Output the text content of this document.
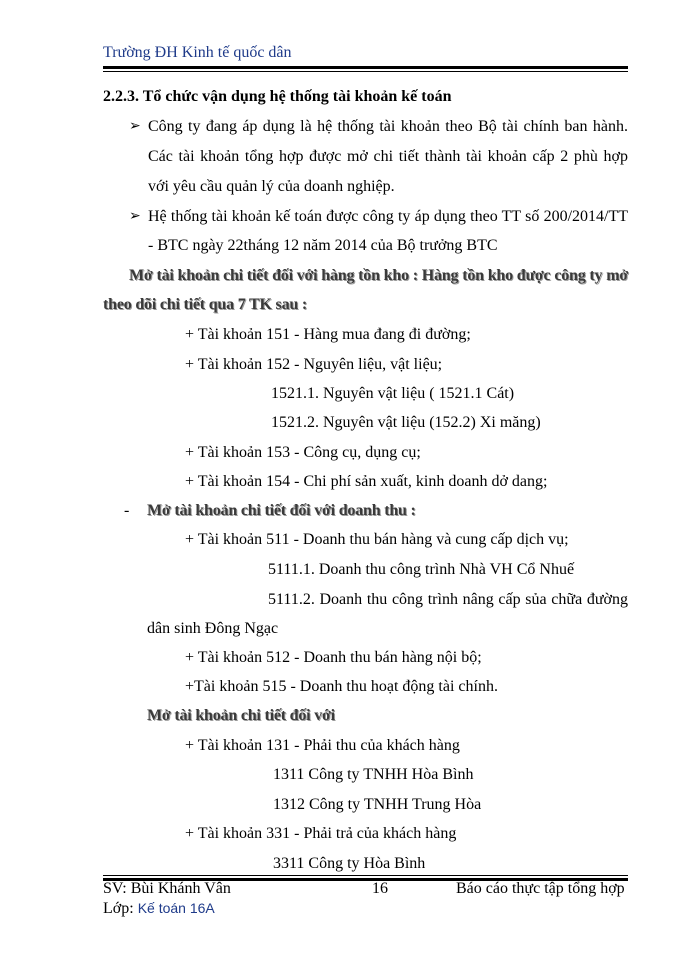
Trường ĐH Kinh tế quốc dân
2.2.3. Tổ chức vận dụng hệ thống tài khoản kế toán
➢ Công ty đang áp dụng là hệ thống tài khoản theo Bộ tài chính ban hành.
Các tài khoản tổng hợp được mở chi tiết thành tài khoản cấp 2 phù hợp
với yêu cầu quản lý của doanh nghiệp.
➢ Hệ thống tài khoản kế toán được công ty áp dụng theo TT số 200/2014/TT
- BTC ngày 22tháng 12 năm 2014 của Bộ trưởng BTC
Mở tài khoản chi tiết đối với hàng tồn kho : Hàng tồn kho được công ty mở
theo dõi chi tiết qua 7 TK sau :
+ Tài khoản 151 - Hàng mua đang đi đường;
+ Tài khoản 152 - Nguyên liệu, vật liệu;
1521.1. Nguyên vật liệu ( 1521.1 Cát)
1521.2. Nguyên vật liệu (152.2) Xi măng)
+ Tài khoản 153 - Công cụ, dụng cụ;
+ Tài khoản 154 - Chi phí sản xuất, kinh doanh dở dang;
- Mở tài khoản chi tiết đối với doanh thu :
+ Tài khoản 511 - Doanh thu bán hàng và cung cấp dịch vụ;
5111.1. Doanh thu công trình Nhà VH Cổ Nhuế
5111.2. Doanh thu công trình nâng cấp sủa chữa đường
dân sinh Đông Ngạc
+ Tài khoản 512 - Doanh thu bán hàng nội bộ;
+Tài khoản 515 - Doanh thu hoạt động tài chính.
Mở tài khoản chi tiết đối với
+ Tài khoản 131 - Phải thu của khách hàng
1311 Công ty TNHH Hòa Bình
1312 Công ty TNHH Trung Hòa
+ Tài khoản 331 - Phải trả của khách hàng
3311 Công ty Hòa Bình
SV: Bùi Khánh Vân	16	Báo cáo thực tập tổng hợp
Lớp: Kế toán 16A
